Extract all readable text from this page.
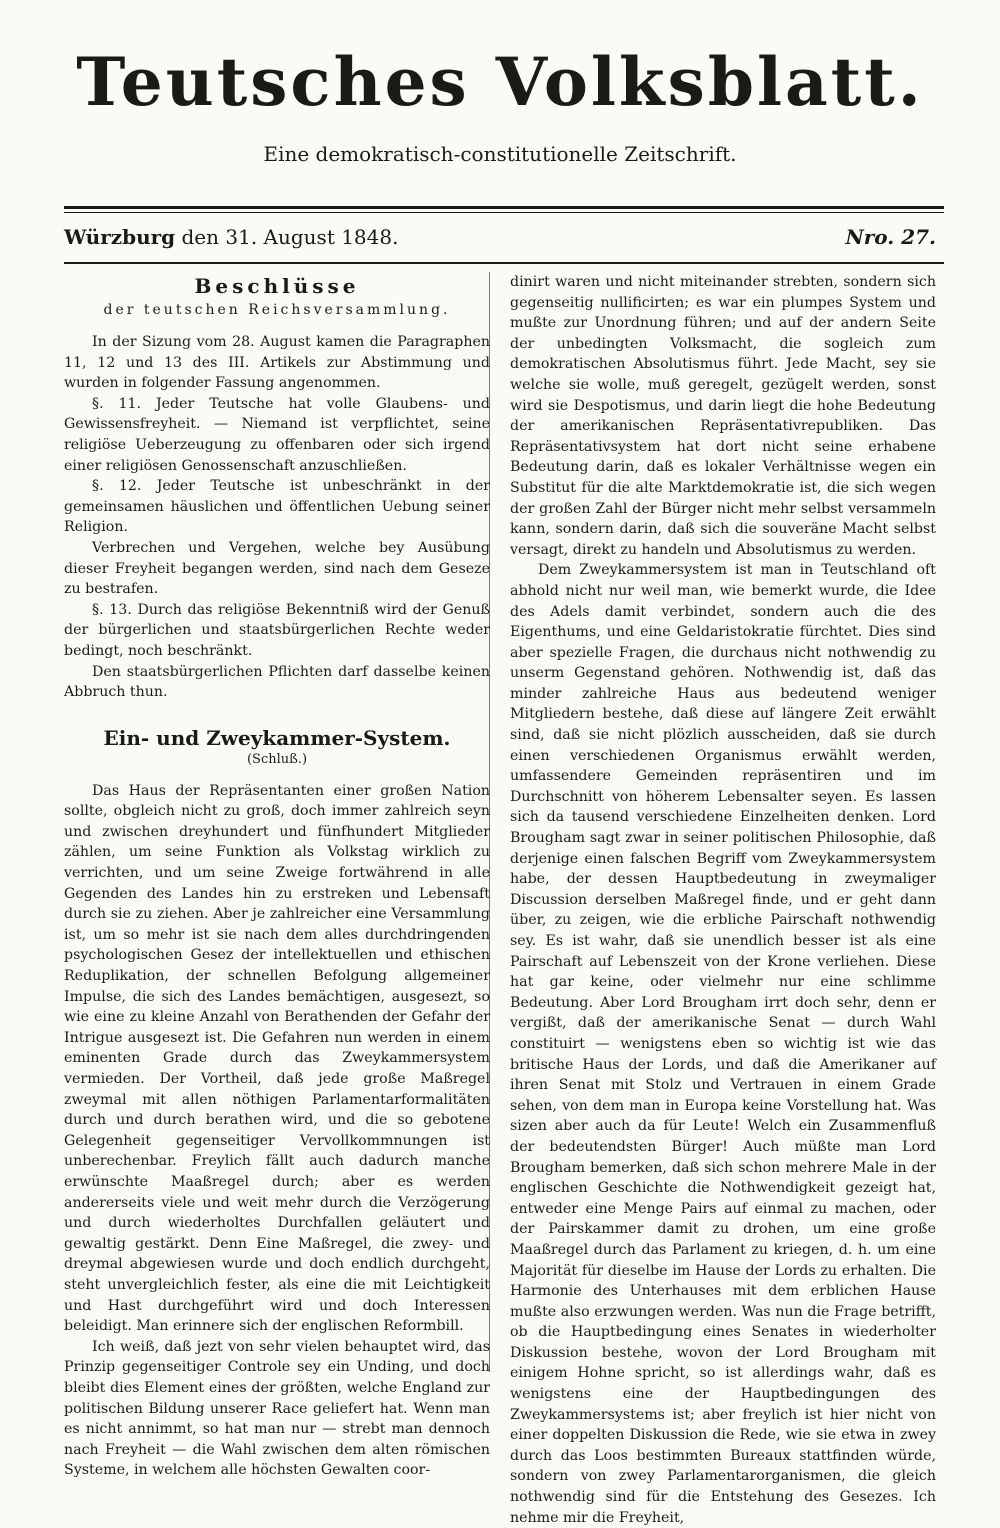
Teutsches Volksblatt.
Eine demokratisch-constitutionelle Zeitschrift.
Würzburg den 31. August 1848.	Nro. 27.
Beschlüsse
der teutschen Reichsversammlung.

In der Sizung vom 28. August kamen die Paragraphen 11, 12 und 13 des III. Artikels zur Abstimmung und wurden in folgender Fassung angenommen.

§. 11. Jeder Teutsche hat volle Glaubens- und Gewissensfreyheit. — Niemand ist verpflichtet, seine religiöse Ueberzeugung zu offenbaren oder sich irgend einer religiösen Genossenschaft anzuschließen.

§. 12. Jeder Teutsche ist unbeschränkt in der gemeinsamen häuslichen und öffentlichen Uebung seiner Religion.

Verbrechen und Vergehen, welche bey Ausübung dieser Freyheit begangen werden, sind nach dem Geseze zu bestrafen.

§. 13. Durch das religiöse Bekenntniß wird der Genuß der bürgerlichen und staatsbürgerlichen Rechte weder bedingt, noch beschränkt.

Den staatsbürgerlichen Pflichten darf dasselbe keinen Abbruch thun.

Ein- und Zweykammer-System.
(Schluß.)

Das Haus der Repräsentanten einer großen Nation sollte, obgleich nicht zu groß, doch immer zahlreich seyn und zwischen dreyhundert und fünfhundert Mitglieder zählen, um seine Funktion als Volkstag wirklich zu verrichten, und um seine Zweige fortwährend in alle Gegenden des Landes hin zu erstreken und Lebensaft durch sie zu ziehen. Aber je zahlreicher eine Versammlung ist, um so mehr ist sie nach dem alles durchdringenden psychologischen Gesez der intellektuellen und ethischen Reduplikation, der schnellen Befolgung allgemeiner Impulse, die sich des Landes bemächtigen, ausgesezt, so wie eine zu kleine Anzahl von Berathenden der Gefahr der Intrigue ausgesezt ist. Die Gefahren nun werden in einem eminenten Grade durch das Zweykammersystem vermieden. Der Vortheil, daß jede große Maßregel zweymal mit allen nöthigen Parlamentarformalitäten durch und durch berathen wird, und die so gebotene Gelegenheit gegenseitiger Vervollkommnungen ist unberechenbar. Freylich fällt auch dadurch manche erwünschte Maaßregel durch; aber es werden andererseits viele und weit mehr durch die Verzögerung und durch wiederholtes Durchfallen geläutert und gewaltig gestärkt. Denn Eine Maßregel, die zwey- und dreymal abgewiesen wurde und doch endlich durchgeht, steht unvergleichlich fester, als eine die mit Leichtigkeit und Hast durchgeführt wird und doch Interessen beleidigt. Man erinnere sich der englischen Reformbill.

Ich weiß, daß jezt von sehr vielen behauptet wird, das Prinzip gegenseitiger Controle sey ein Unding, und doch bleibt dies Element eines der größten, welche England zur politischen Bildung unserer Race geliefert hat. Wenn man es nicht annimmt, so hat man nur — strebt man dennoch nach Freyheit — die Wahl zwischen dem alten römischen Systeme, in welchem alle höchsten Gewalten coor-

dinirt waren und nicht miteinander strebten, sondern sich gegenseitig nullificirten; es war ein plumpes System und mußte zur Unordnung führen; und auf der andern Seite der unbedingten Volksmacht, die sogleich zum demokratischen Absolutismus führt. Jede Macht, sey sie welche sie wolle, muß geregelt, gezügelt werden, sonst wird sie Despotismus, und darin liegt die hohe Bedeutung der amerikanischen Repräsentativrepubliken. Das Repräsentativsystem hat dort nicht seine erhabene Bedeutung darin, daß es lokaler Verhältnisse wegen ein Substitut für die alte Marktdemokratie ist, die sich wegen der großen Zahl der Bürger nicht mehr selbst versammeln kann, sondern darin, daß sich die souveräne Macht selbst versagt, direkt zu handeln und Absolutismus zu werden.

Dem Zweykammersystem ist man in Teutschland oft abhold nicht nur weil man, wie bemerkt wurde, die Idee des Adels damit verbindet, sondern auch die des Eigenthums, und eine Geldaristokratie fürchtet. Dies sind aber spezielle Fragen, die durchaus nicht nothwendig zu unserm Gegenstand gehören. Nothwendig ist, daß das minder zahlreiche Haus aus bedeutend weniger Mitgliedern bestehe, daß diese auf längere Zeit erwählt sind, daß sie nicht plözlich ausscheiden, daß sie durch einen verschiedenen Organismus erwählt werden, umfassendere Gemeinden repräsentiren und im Durchschnitt von höherem Lebensalter seyen. Es lassen sich da tausend verschiedene Einzelheiten denken. Lord Brougham sagt zwar in seiner politischen Philosophie, daß derjenige einen falschen Begriff vom Zweykammersystem habe, der dessen Hauptbedeutung in zweymaliger Discussion derselben Maßregel finde, und er geht dann über, zu zeigen, wie die erbliche Pairschaft nothwendig sey. Es ist wahr, daß sie unendlich besser ist als eine Pairschaft auf Lebenszeit von der Krone verliehen. Diese hat gar keine, oder vielmehr nur eine schlimme Bedeutung. Aber Lord Brougham irrt doch sehr, denn er vergißt, daß der amerikanische Senat — durch Wahl constituirt — wenigstens eben so wichtig ist wie das britische Haus der Lords, und daß die Amerikaner auf ihren Senat mit Stolz und Vertrauen in einem Grade sehen, von dem man in Europa keine Vorstellung hat. Was sizen aber auch da für Leute! Welch ein Zusammenfluß der bedeutendsten Bürger! Auch müßte man Lord Brougham bemerken, daß sich schon mehrere Male in der englischen Geschichte die Nothwendigkeit gezeigt hat, entweder eine Menge Pairs auf einmal zu machen, oder der Pairskammer damit zu drohen, um eine große Maaßregel durch das Parlament zu kriegen, d. h. um eine Majorität für dieselbe im Hause der Lords zu erhalten. Die Harmonie des Unterhauses mit dem erblichen Hause mußte also erzwungen werden. Was nun die Frage betrifft, ob die Hauptbedingung eines Senates in wiederholter Diskussion bestehe, wovon der Lord Brougham mit einigem Hohne spricht, so ist allerdings wahr, daß es wenigstens eine der Hauptbedingungen des Zweykammersystems ist; aber freylich ist hier nicht von einer doppelten Diskussion die Rede, wie sie etwa in zwey durch das Loos bestimmten Bureaux stattfinden würde, sondern von zwey Parlamentarorganismen, die gleich nothwendig sind für die Entstehung des Gesezes. Ich nehme mir die Freyheit,
